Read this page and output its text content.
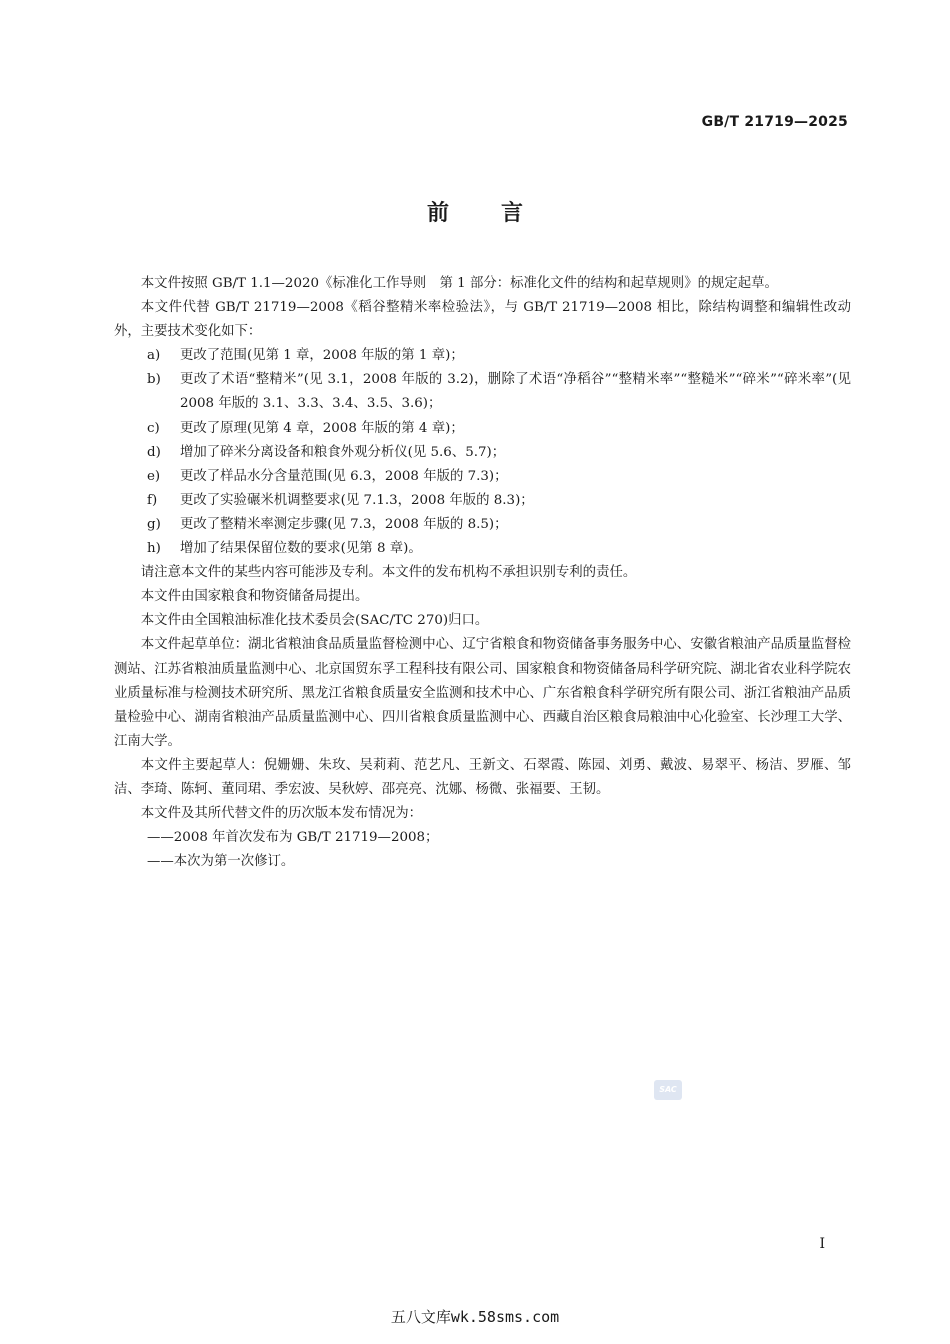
GB/T 21719—2025
前 言

本文件按照 GB/T 1.1—2020《标准化工作导则　第 1 部分：标准化文件的结构和起草规则》的规定起草。

本文件代替 GB/T 21719—2008《稻谷整精米率检验法》，与 GB/T 21719—2008 相比，除结构调整和编辑性改动外，主要技术变化如下：

a) 更改了范围(见第 1 章，2008 年版的第 1 章)；

b) 更改了术语“整精米”(见 3.1，2008 年版的 3.2)，删除了术语“净稻谷”“整精米率”“整糙米”“碎米”“碎米率”(见 2008 年版的 3.1、3.3、3.4、3.5、3.6)；

c) 更改了原理(见第 4 章，2008 年版的第 4 章)；

d) 增加了碎米分离设备和粮食外观分析仪(见 5.6、5.7)；

e) 更改了样品水分含量范围(见 6.3，2008 年版的 7.3)；

f) 更改了实验碾米机调整要求(见 7.1.3，2008 年版的 8.3)；

g) 更改了整精米率测定步骤(见 7.3，2008 年版的 8.5)；

h) 增加了结果保留位数的要求(见第 8 章)。

请注意本文件的某些内容可能涉及专利。本文件的发布机构不承担识别专利的责任。

本文件由国家粮食和物资储备局提出。

本文件由全国粮油标准化技术委员会(SAC/TC 270)归口。

本文件起草单位：湖北省粮油食品质量监督检测中心、辽宁省粮食和物资储备事务服务中心、安徽省粮油产品质量监督检测站、江苏省粮油质量监测中心、北京国贸东孚工程科技有限公司、国家粮食和物资储备局科学研究院、湖北省农业科学院农业质量标准与检测技术研究所、黑龙江省粮食质量安全监测和技术中心、广东省粮食科学研究所有限公司、浙江省粮油产品质量检验中心、湖南省粮油产品质量监测中心、四川省粮食质量监测中心、西藏自治区粮食局粮油中心化验室、长沙理工大学、江南大学。

本文件主要起草人：倪姗姗、朱玫、吴莉莉、范艺凡、王新文、石翠霞、陈园、刘勇、戴波、易翠平、杨洁、罗雁、邹洁、李琦、陈轲、董同珺、季宏波、吴秋婷、邵亮亮、沈娜、杨微、张福要、王韧。

本文件及其所代替文件的历次版本发布情况为：

——2008 年首次发布为 GB/T 21719—2008；

——本次为第一次修订。

SAC
I
五八文库wk.58sms.com
